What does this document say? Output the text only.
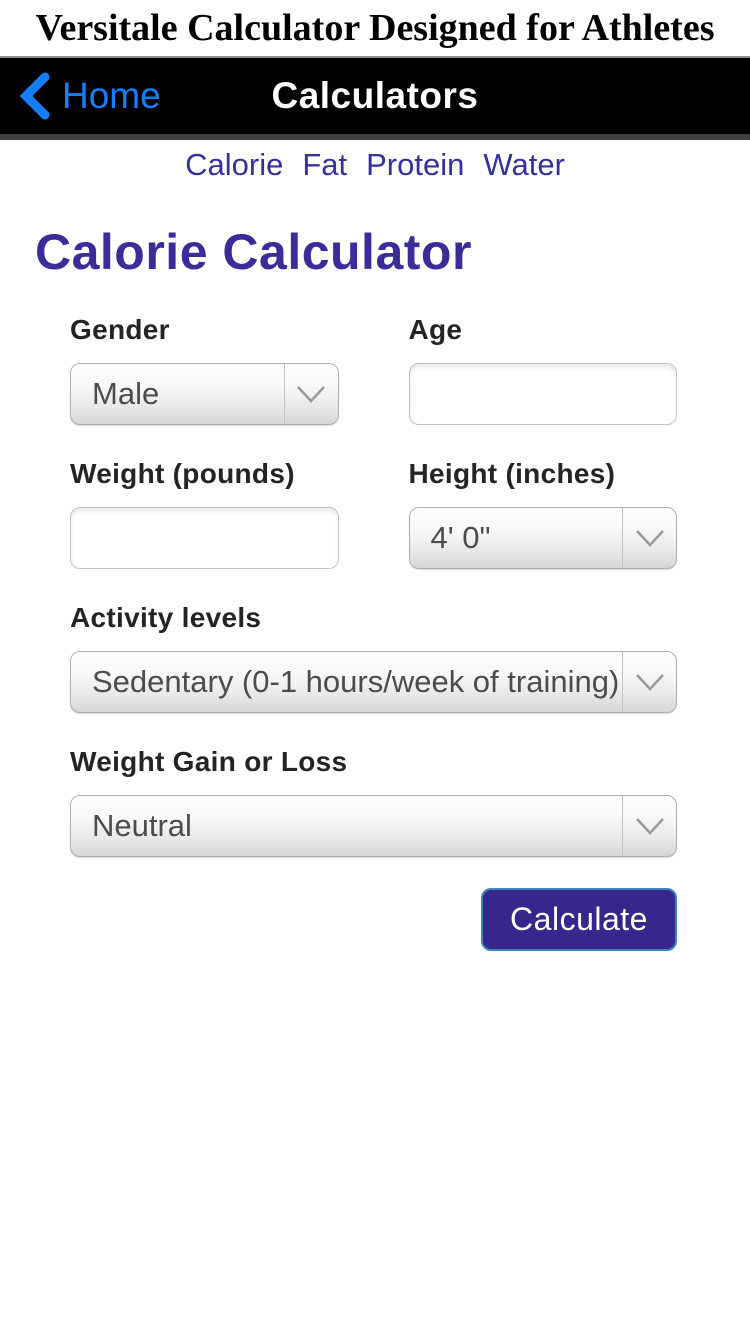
Versitale Calculator Designed for Athletes
Home	Calculators
Calorie Fat Protein Water
Calorie Calculator
Gender
Male
Age
Weight (pounds)	Height (inches)
4' 0"
Activity levels
Sedentary (0-1 hours/week of training)
Weight Gain or Loss
Neutral
Calculate
